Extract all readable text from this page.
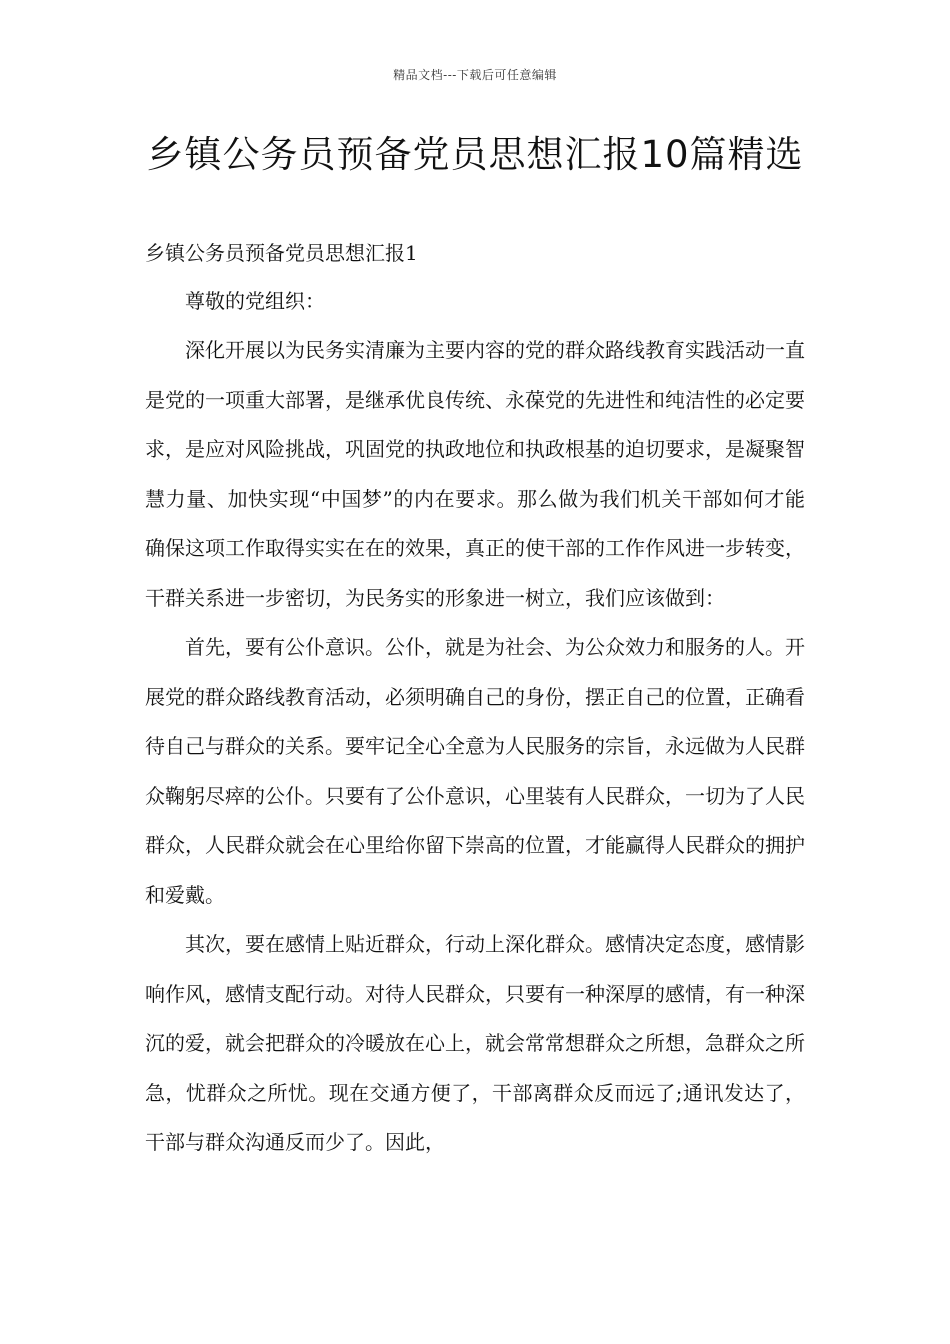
精品文档---下载后可任意编辑
乡镇公务员预备党员思想汇报10篇精选
乡镇公务员预备党员思想汇报1

尊敬的党组织：

深化开展以为民务实清廉为主要内容的党的群众路线教育实践活动一直是党的一项重大部署，是继承优良传统、永葆党的先进性和纯洁性的必定要求，是应对风险挑战，巩固党的执政地位和执政根基的迫切要求，是凝聚智慧力量、加快实现“中国梦”的内在要求。那么做为我们机关干部如何才能确保这项工作取得实实在在的效果，真正的使干部的工作作风进一步转变，干群关系进一步密切，为民务实的形象进一树立，我们应该做到：

首先，要有公仆意识。公仆，就是为社会、为公众效力和服务的人。开展党的群众路线教育活动，必须明确自己的身份，摆正自己的位置，正确看待自己与群众的关系。要牢记全心全意为人民服务的宗旨，永远做为人民群众鞠躬尽瘁的公仆。只要有了公仆意识，心里装有人民群众，一切为了人民群众，人民群众就会在心里给你留下崇高的位置，才能赢得人民群众的拥护和爱戴。

其次，要在感情上贴近群众，行动上深化群众。感情决定态度，感情影响作风，感情支配行动。对待人民群众，只要有一种深厚的感情，有一种深沉的爱，就会把群众的冷暖放在心上，就会常常想群众之所想，急群众之所急，忧群众之所忧。现在交通方便了，干部离群众反而远了;通讯发达了，干部与群众沟通反而少了。因此，
